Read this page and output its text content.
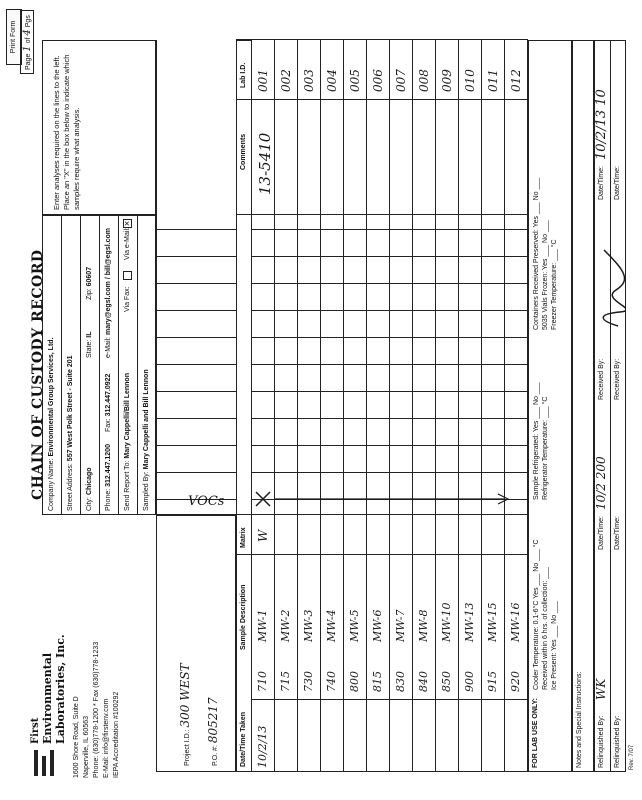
Print Form
Page 1 of 4 Pgs
First Environmental Laboratories, Inc. 1600 Shore Road, Suite D Naperville, IL 60563 Phone: (630)778-1200 * Fax (630)778-1233 E-Mail: info@firstenv.com IEPA Accreditation #100292
CHAIN OF CUSTODY RECORD Company Name: Environmental Group Services, Ltd.
Street Address: 557 West Polk Street - Suite 201
City: Chicago
State: IL
Zip: 60607
Phone: 312.447.1200
Fax: 312.447.0922
e-Mail: mary@egsl.com / bill@egsl.com
Send Report To: Mary Cappelli/Bill Lennon
Via Fax:
Via e-Mail:
×
Sampled By: Mary Cappelli and Bill Lennon
Enter analyses required on the lines to the left. Place an "X" in the box below to indicate which samples require what analysis.
VOCs
Project I.D.: 300 WEST
P.O. #: 805217	Date/Time Taken
Sample Description
Matrix
Comments
Lab I.D.
10/2/13
710
MW-1
W
001
715
MW-2
002
730
MW-3
003
740
MW-4
004
800
MW-5
005
815
MW-6
006
830
MW-7
007
840
MW-8
008
850
MW-10
009
900
MW-13
010
915
MW-15
011
920
MW-16
012
13-5410
FOR LAB USE ONLY:
Cooler Temperature: 0.1-6°C Yes ___ No ___ °C Received within 6 hrs. of collection: ___ Ice Present: Yes ___ No ___
Sample Refrigerated: Yes ___ No ___ Refrigerator Temperature: ___ °C
Containers Received Preserved: Yes ___ No ___ 5035 Vials Frozen: Yes ___ No ___ Freezer Temperature: ___ °C
Notes and Special Instructions: Relinquished By:
WK
Relinquished By:
Date/Time:
10/2 200
Date/Time:
Received By: Received By:
Date/Time:
10/2/13 10
Date/Time:
Rev. 7/07
